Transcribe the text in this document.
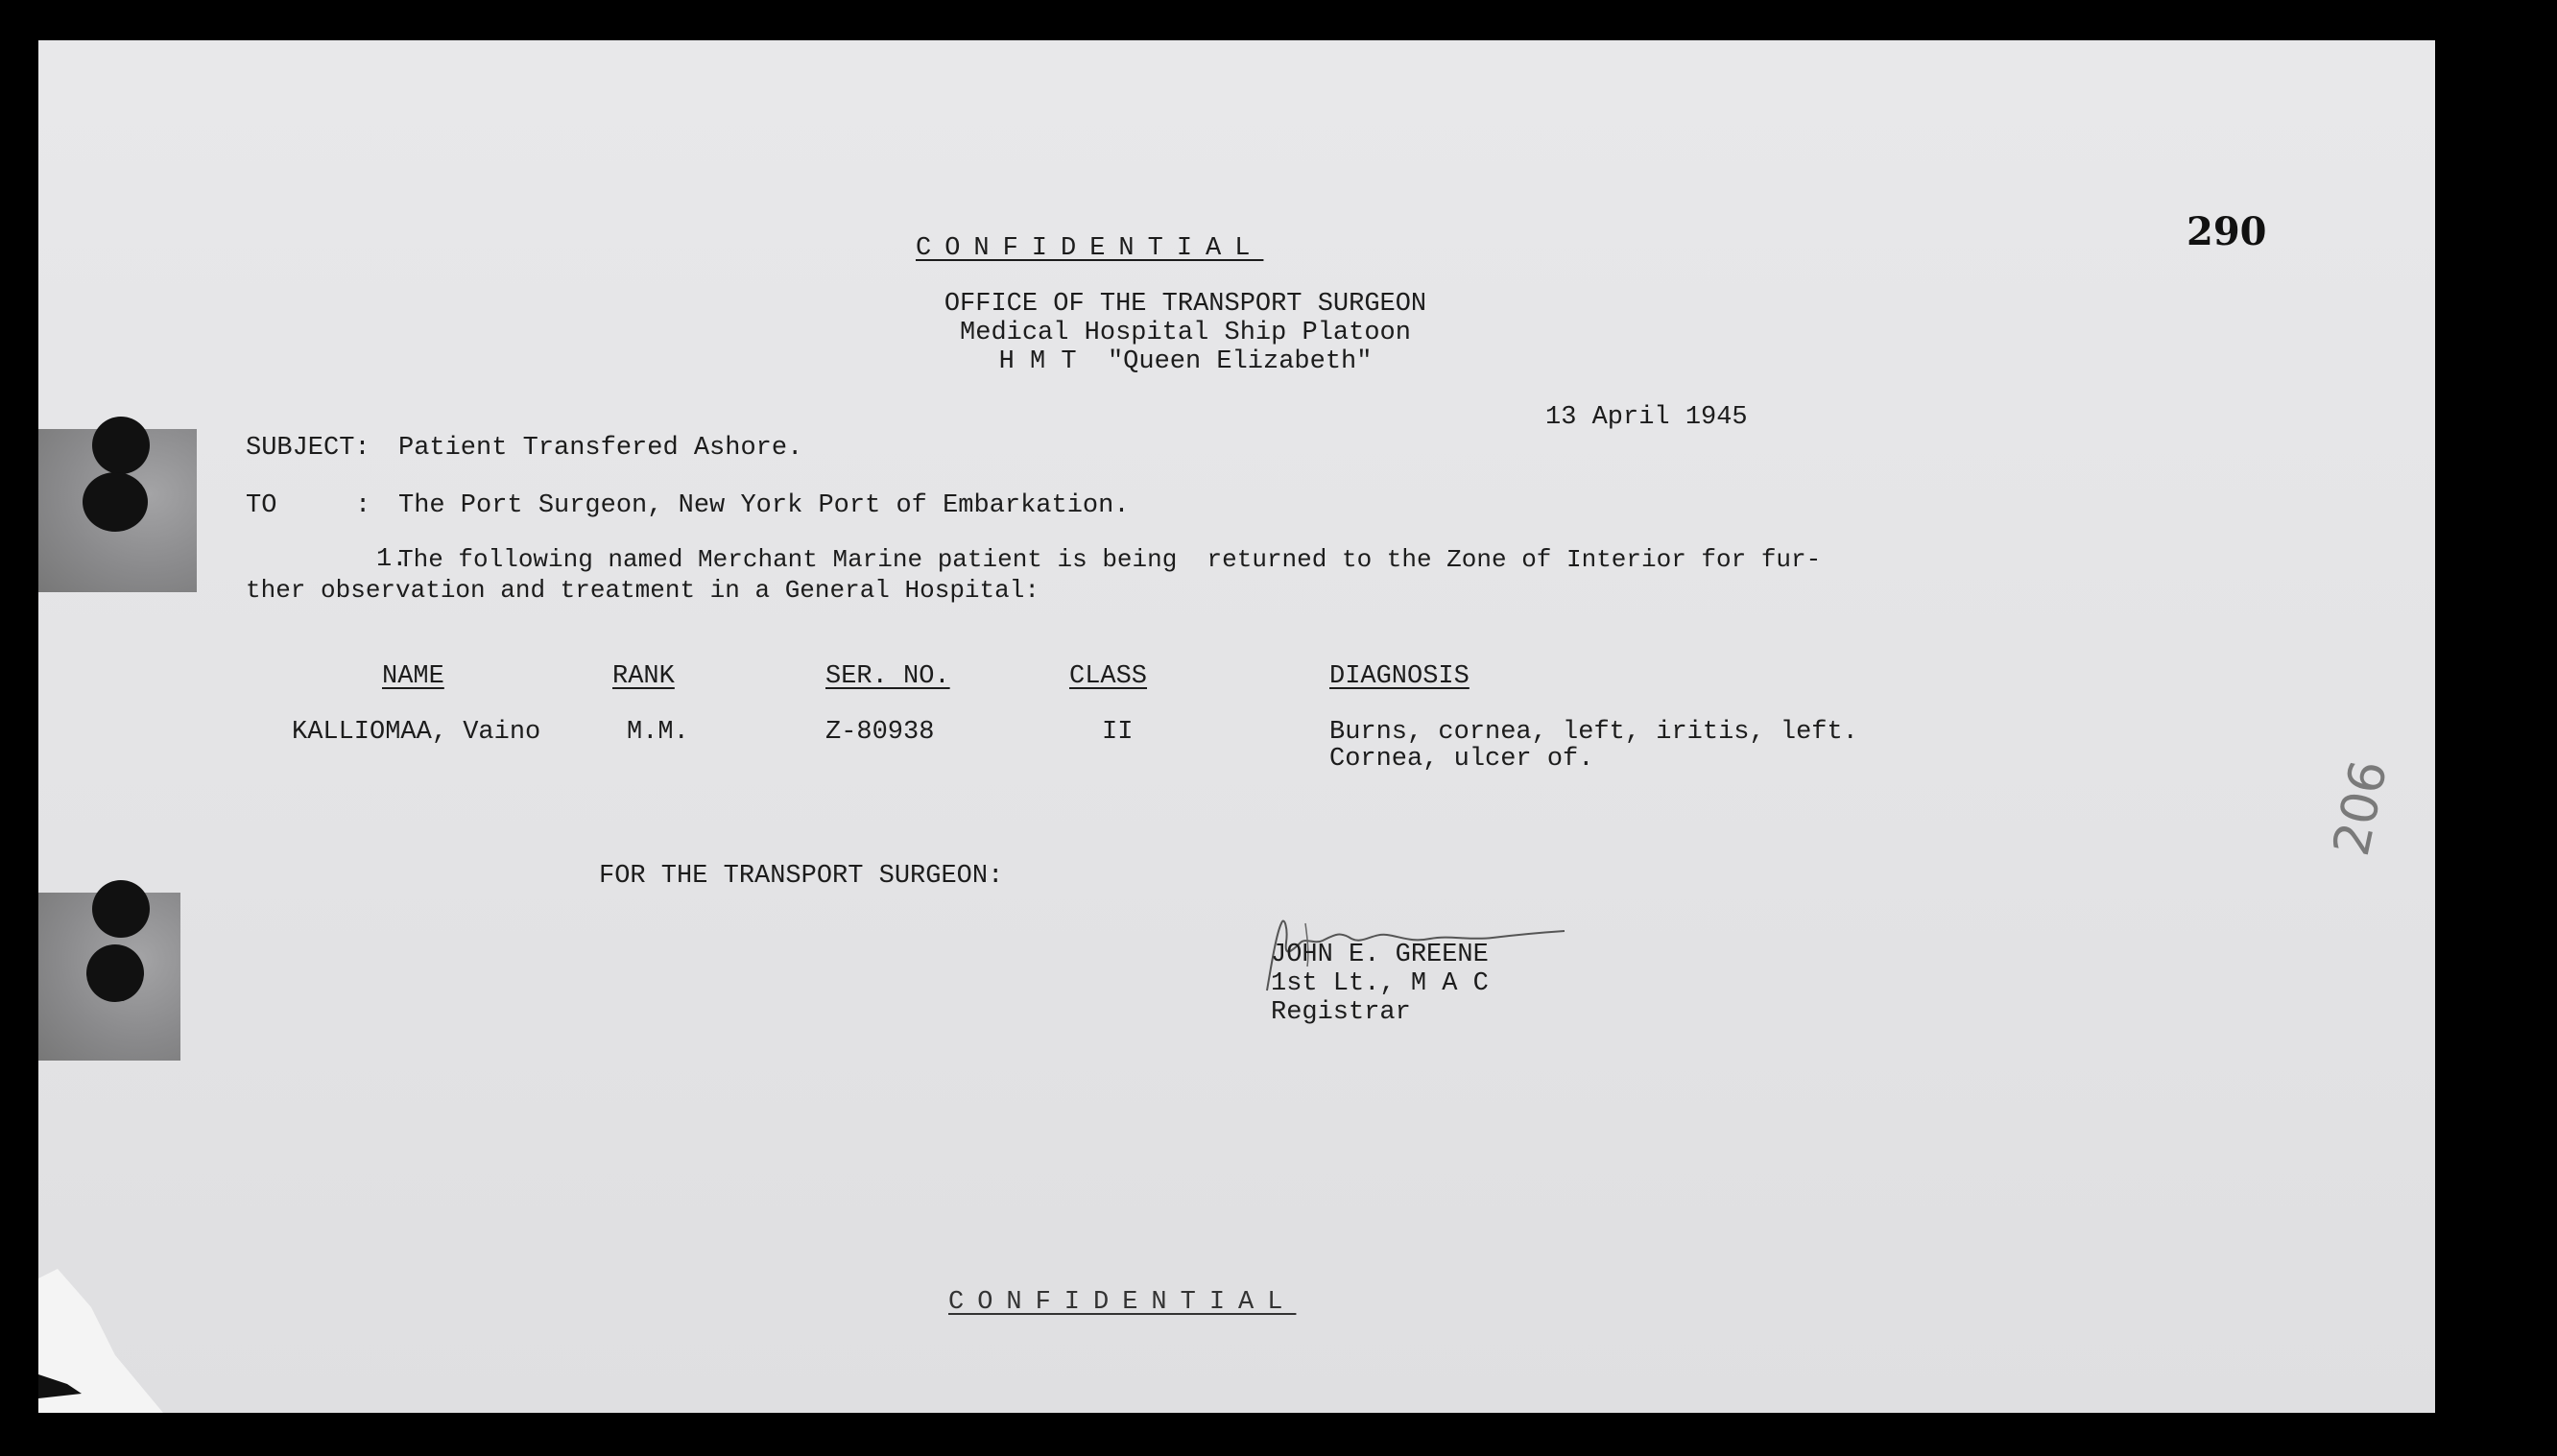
290
206
CONFIDENTIAL
OFFICE OF THE TRANSPORT SURGEON
Medical Hospital Ship Platoon
H M T  "Queen Elizabeth"
13 April 1945
SUBJECT: Patient Transfered Ashore.
TO	: The Port Surgeon, New York Port of Embarkation.
1.
The following named Merchant Marine patient is being  returned to the Zone of Interior for fur-
ther observation and treatment in a General Hospital:
NAME	RANK	SER. NO.	CLASS	DIAGNOSIS
KALLIOMAA, Vaino	M.M.	Z-80938	II	Burns, cornea, left, iritis, left.
Cornea, ulcer of.
FOR THE TRANSPORT SURGEON:
JOHN E. GREENE
1st Lt., M A C
Registrar
CONFIDENTIAL
